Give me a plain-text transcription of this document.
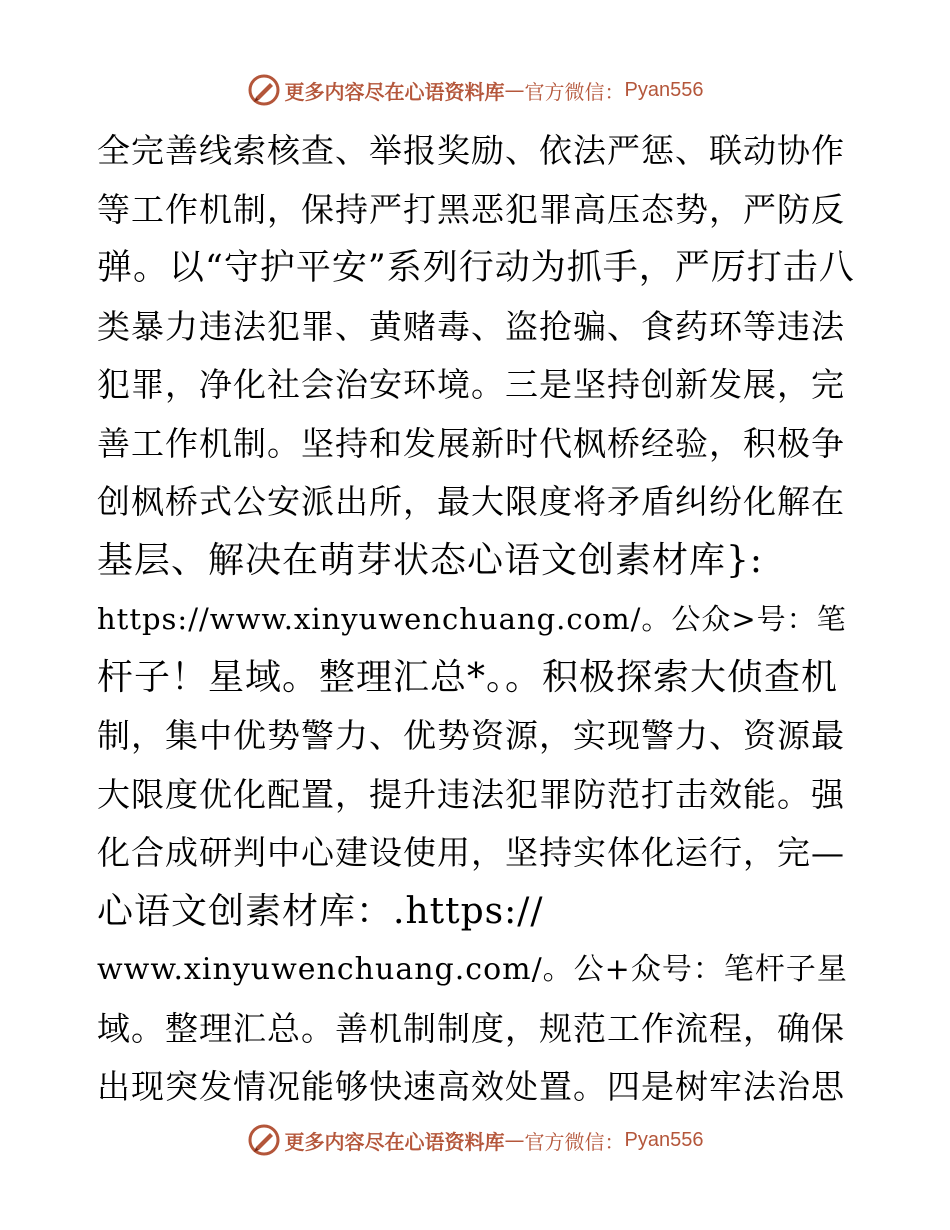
更多内容尽在心语资料库 — 官方微信： Pyan556
全完善线索核查、举报奖励、依法严惩、联动协作
等工作机制，保持严打黑恶犯罪高压态势，严防反
弹。以“守护平安”系列行动为抓手，严厉打击八
类暴力违法犯罪、黄赌毒、盗抢骗、食药环等违法
犯罪，净化社会治安环境。三是坚持创新发展，完
善工作机制。坚持和发展新时代枫桥经验，积极争
创枫桥式公安派出所，最大限度将矛盾纠纷化解在
基层、解决在萌芽状态心语文创素材库}:
https://www.xinyuwenchuang.com/。公众>号：笔
杆子！星域。整理汇总*。。积极探索大侦查机
制，集中优势警力、优势资源，实现警力、资源最
大限度优化配置，提升违法犯罪防范打击效能。强
化合成研判中心建设使用，坚持实体化运行，完—
心语文创素材库：.https://
www.xinyuwenchuang.com/。公+众号：笔杆子星
域。整理汇总。善机制制度，规范工作流程，确保
出现突发情况能够快速高效处置。四是树牢法治思
更多内容尽在心语资料库 — 官方微信： Pyan556
